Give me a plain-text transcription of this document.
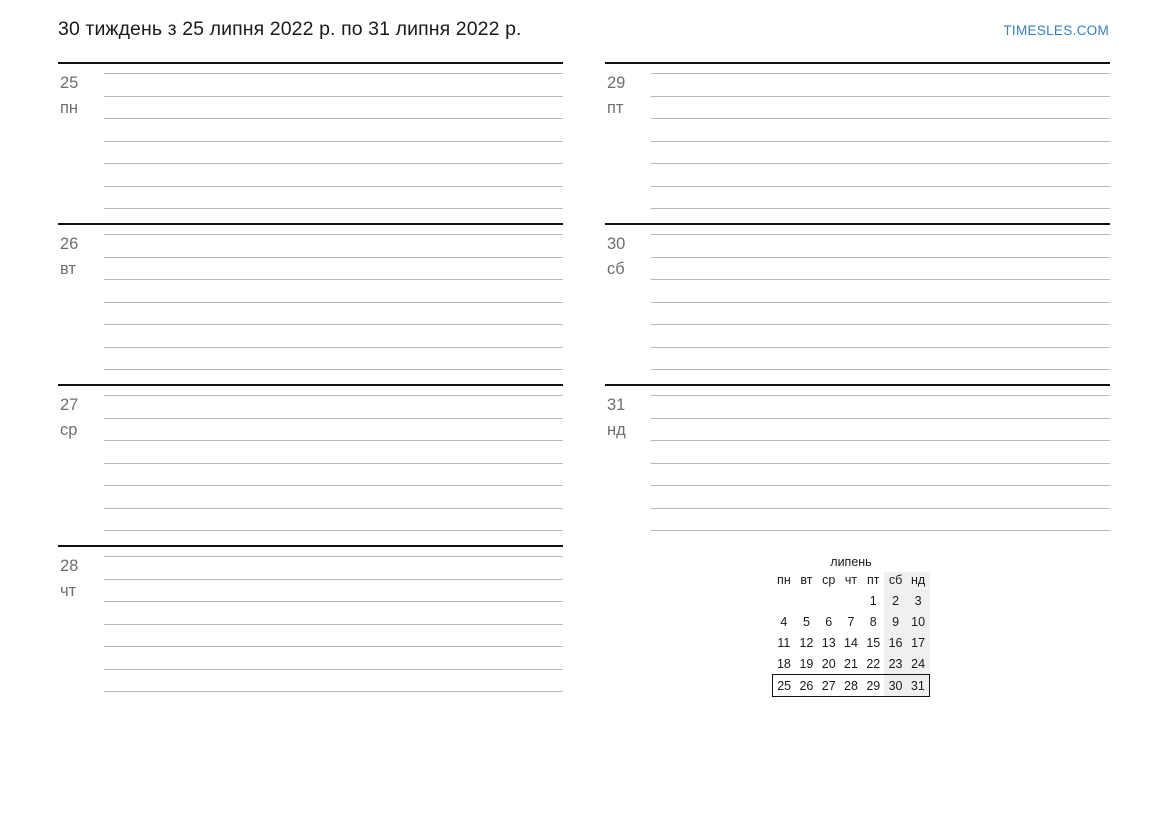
30 тиждень з 25 липня 2022 р. по 31 липня 2022 р.	TIMESLES.COM
25
пн
26
вт
27
ср
28
чт
29
пт
30
сб
31
нд
липень
пн	вт	ср	чт	пт	сб	нд
				1	2	3
4	5	6	7	8	9	10
11	12	13	14	15	16	17
18	19	20	21	22	23	24
25	26	27	28	29	30	31
